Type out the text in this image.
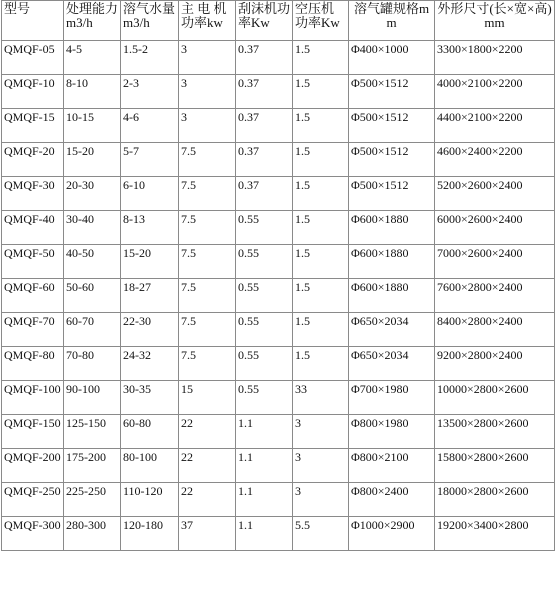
型号	处理能力m3/h	溶气水量m3/h	主 电 机功率kw	刮沫机功率Kw	空压机功率Kw	溶气罐规格mm	外形尺寸(长×宽×高)mm
QMQF-05	4-5	1.5-2	3	0.37	1.5	Φ400×1000	3300×1800×2200
QMQF-10	8-10	2-3	3	0.37	1.5	Φ500×1512	4000×2100×2200
QMQF-15	10-15	4-6	3	0.37	1.5	Φ500×1512	4400×2100×2200
QMQF-20	15-20	5-7	7.5	0.37	1.5	Φ500×1512	4600×2400×2200
QMQF-30	20-30	6-10	7.5	0.37	1.5	Φ500×1512	5200×2600×2400
QMQF-40	30-40	8-13	7.5	0.55	1.5	Φ600×1880	6000×2600×2400
QMQF-50	40-50	15-20	7.5	0.55	1.5	Φ600×1880	7000×2600×2400
QMQF-60	50-60	18-27	7.5	0.55	1.5	Φ600×1880	7600×2800×2400
QMQF-70	60-70	22-30	7.5	0.55	1.5	Φ650×2034	8400×2800×2400
QMQF-80	70-80	24-32	7.5	0.55	1.5	Φ650×2034	9200×2800×2400
QMQF-100	90-100	30-35	15	0.55	33	Φ700×1980	10000×2800×2600
QMQF-150	125-150	60-80	22	1.1	3	Φ800×1980	13500×2800×2600
QMQF-200	175-200	80-100	22	1.1	3	Φ800×2100	15800×2800×2600
QMQF-250	225-250	110-120	22	1.1	3	Φ800×2400	18000×2800×2600
QMQF-300	280-300	120-180	37	1.1	5.5	Φ1000×2900	19200×3400×2800
